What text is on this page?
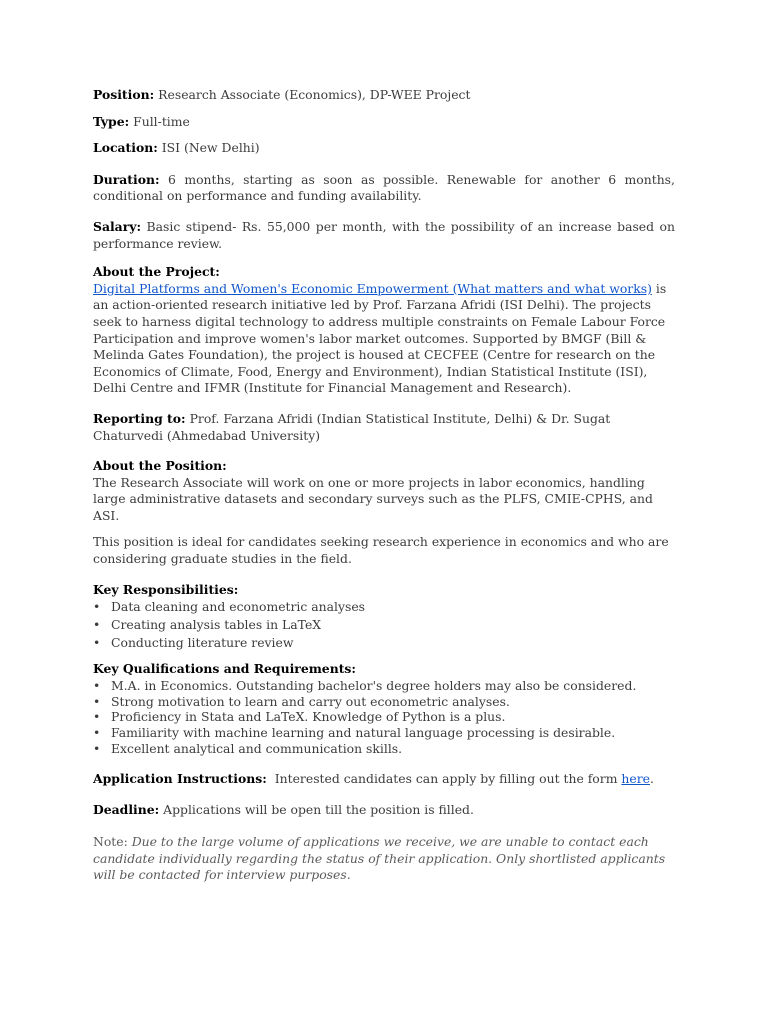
Position: Research Associate (Economics), DP-WEE Project

Type: Full-time

Location: ISI (New Delhi)

Duration: 6 months, starting as soon as possible. Renewable for another 6 months, conditional on performance and funding availability.

Salary: Basic stipend- Rs. 55,000 per month, with the possibility of an increase based on performance review.

About the Project:

Digital Platforms and Women's Economic Empowerment (What matters and what works) is an action-oriented research initiative led by Prof. Farzana Afridi (ISI Delhi). The projects seek to harness digital technology to address multiple constraints on Female Labour Force Participation and improve women's labor market outcomes. Supported by BMGF (Bill & Melinda Gates Foundation), the project is housed at CECFEE (Centre for research on the Economics of Climate, Food, Energy and Environment), Indian Statistical Institute (ISI), Delhi Centre and IFMR (Institute for Financial Management and Research).

Reporting to: Prof. Farzana Afridi (Indian Statistical Institute, Delhi) & Dr. Sugat Chaturvedi (Ahmedabad University)

About the Position:

The Research Associate will work on one or more projects in labor economics, handling large administrative datasets and secondary surveys such as the PLFS, CMIE-CPHS, and ASI.

This position is ideal for candidates seeking research experience in economics and who are considering graduate studies in the field.

Key Responsibilities:
• Data cleaning and econometric analyses
• Creating analysis tables in LaTeX
• Conducting literature review
Key Qualifications and Requirements:
• M.A. in Economics. Outstanding bachelor's degree holders may also be considered.
• Strong motivation to learn and carry out econometric analyses.
• Proficiency in Stata and LaTeX. Knowledge of Python is a plus.
• Familiarity with machine learning and natural language processing is desirable.
• Excellent analytical and communication skills.

Application Instructions: Interested candidates can apply by filling out the form here.

Deadline: Applications will be open till the position is filled.

Note: Due to the large volume of applications we receive, we are unable to contact each candidate individually regarding the status of their application. Only shortlisted applicants will be contacted for interview purposes.
